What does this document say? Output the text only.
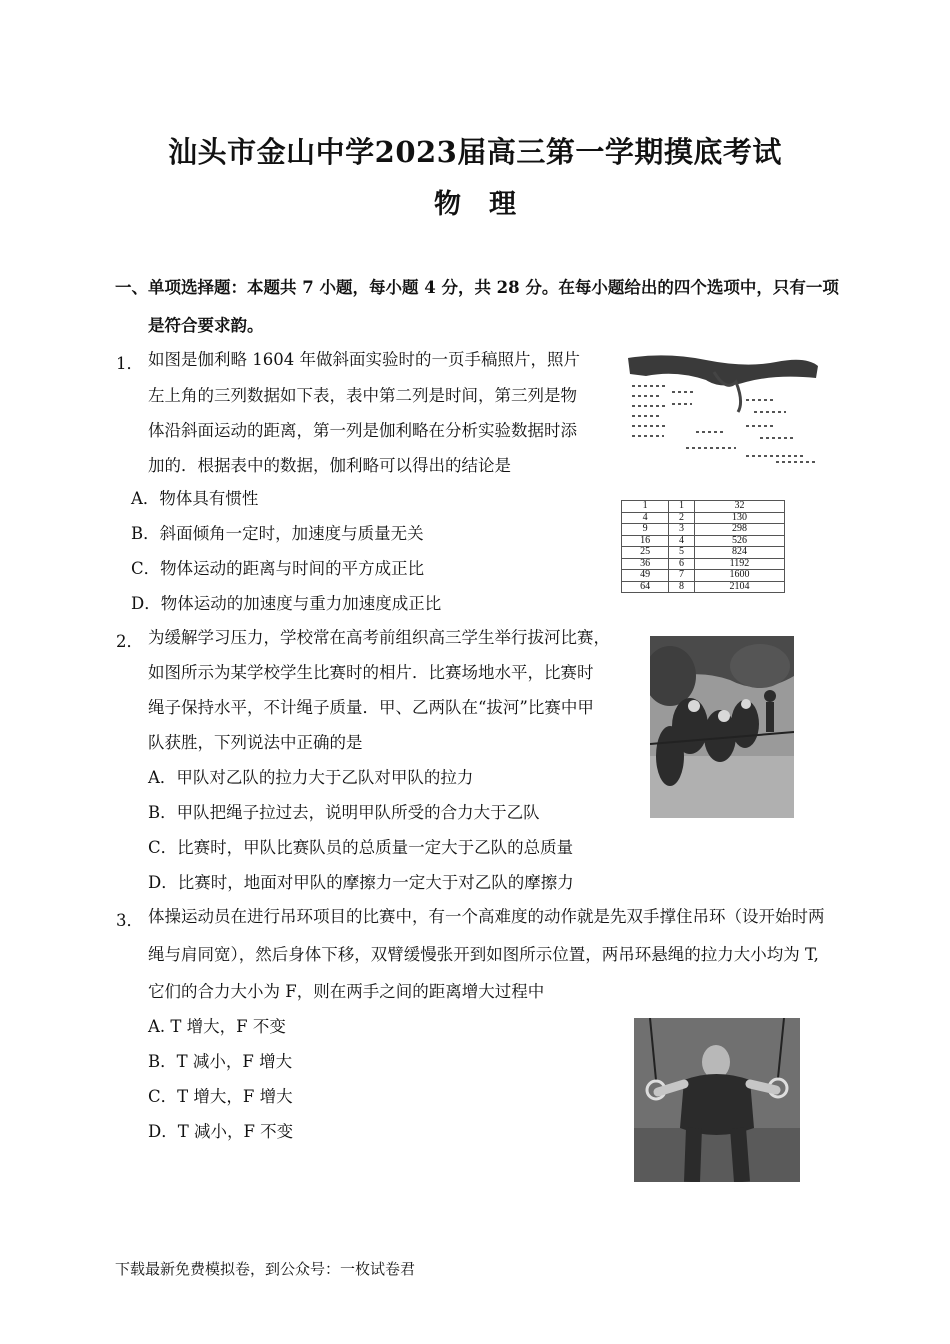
汕头市金山中学2023届高三第一学期摸底考试
物理
一、单项选择题：本题共 7 小题，每小题 4 分，共 28 分。在每小题给出的四个选项中，只有一项
是符合要求韵。
1． 如图是伽利略 1604 年做斜面实验时的一页手稿照片，照片
左上角的三列数据如下表，表中第二列是时间，第三列是物
体沿斜面运动的距离，第一列是伽利略在分析实验数据时添
加的．根据表中的数据，伽利略可以得出的结论是
A．物体具有惯性
B．斜面倾角一定时，加速度与质量无关
C．物体运动的距离与时间的平方成正比
D．物体运动的加速度与重力加速度成正比
1	1	32
4	2	130
9	3	298
16	4	526
25	5	824
36	6	1192
49	7	1600
64	8	2104
2． 为缓解学习压力，学校常在高考前组织高三学生举行拔河比赛，
如图所示为某学校学生比赛时的相片．比赛场地水平，比赛时
绳子保持水平，不计绳子质量．甲、乙两队在“拔河”比赛中甲
队获胜，下列说法中正确的是
A．甲队对乙队的拉力大于乙队对甲队的拉力
B．甲队把绳子拉过去，说明甲队所受的合力大于乙队
C．比赛时，甲队比赛队员的总质量一定大于乙队的总质量
D．比赛时，地面对甲队的摩擦力一定大于对乙队的摩擦力
3． 体操运动员在进行吊环项目的比赛中，有一个高难度的动作就是先双手撑住吊环（设开始时两
绳与肩同宽），然后身体下移，双臂缓慢张开到如图所示位置，两吊环悬绳的拉力大小均为 T,
它们的合力大小为 F，则在两手之间的距离增大过程中
A. T 增大，F 不变
B．T 减小，F 增大
C．T 增大，F 增大
D．T 减小，F 不变
下载最新免费模拟卷，到公众号：一枚试卷君
